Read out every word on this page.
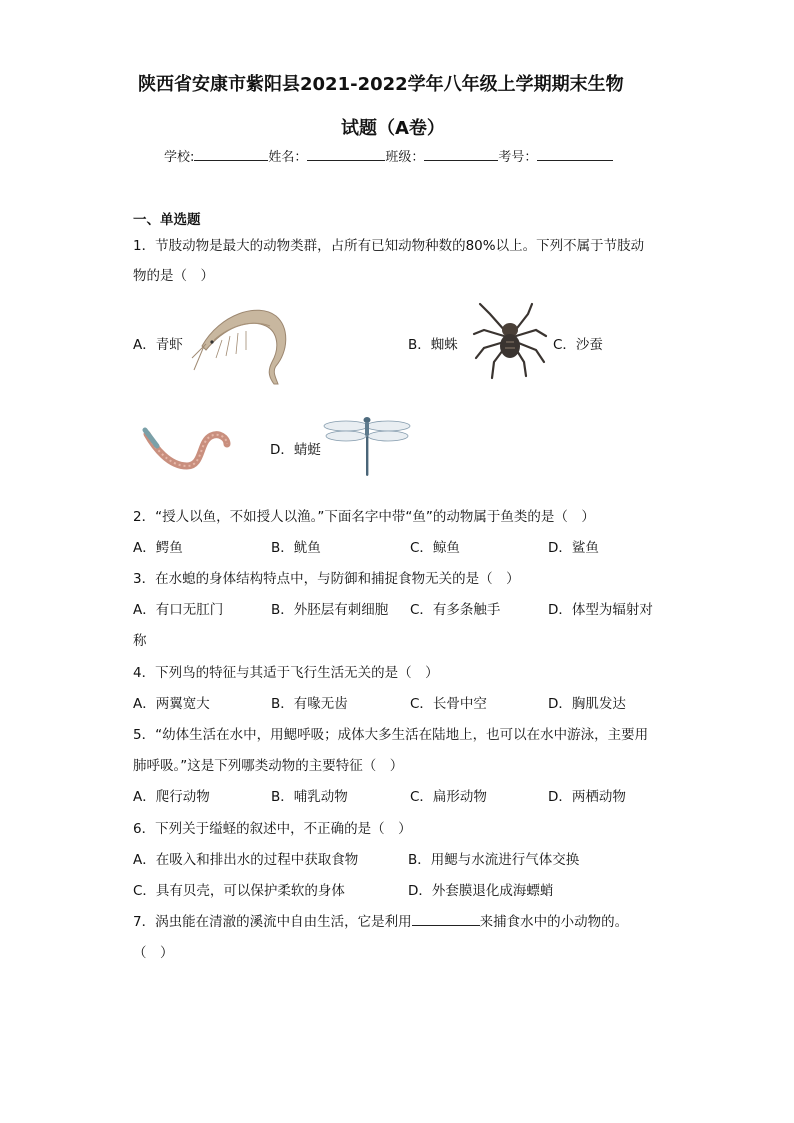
陕西省安康市紫阳县2021-2022学年八年级上学期期末生物
试题（A卷）
学校:	姓名：	班级：	考号：
一、单选题
1．节肢动物是最大的动物类群，占所有已知动物种数的80%以上。下列不属于节肢动
物的是（　）
A．青虾	B．蜘蛛	C．沙蚕
D．蜻蜓
2．“授人以鱼，不如授人以渔。”下面名字中带“鱼”的动物属于鱼类的是（　）
A．鳄鱼	B．鱿鱼	C．鲸鱼	D．鲨鱼
3．在水螅的身体结构特点中，与防御和捕捉食物无关的是（　）
A．有口无肛门	B．外胚层有刺细胞 C．有多条触手	D．体型为辐射对
称
4．下列鸟的特征与其适于飞行生活无关的是（　）
A．两翼宽大	B．有喙无齿	C．长骨中空	D．胸肌发达
5．“幼体生活在水中，用鳃呼吸；成体大多生活在陆地上，也可以在水中游泳，主要用
肺呼吸。”这是下列哪类动物的主要特征（　）
A．爬行动物	B．哺乳动物	C．扁形动物	D．两栖动物
6．下列关于缢蛏的叙述中，不正确的是（　）
A．在吸入和排出水的过程中获取食物	B．用鳃与水流进行气体交换
C．具有贝壳，可以保护柔软的身体	D．外套膜退化成海螵蛸
7．涡虫能在清澈的溪流中自由生活，它是利用	来捕食水中的小动物的。
（　）
